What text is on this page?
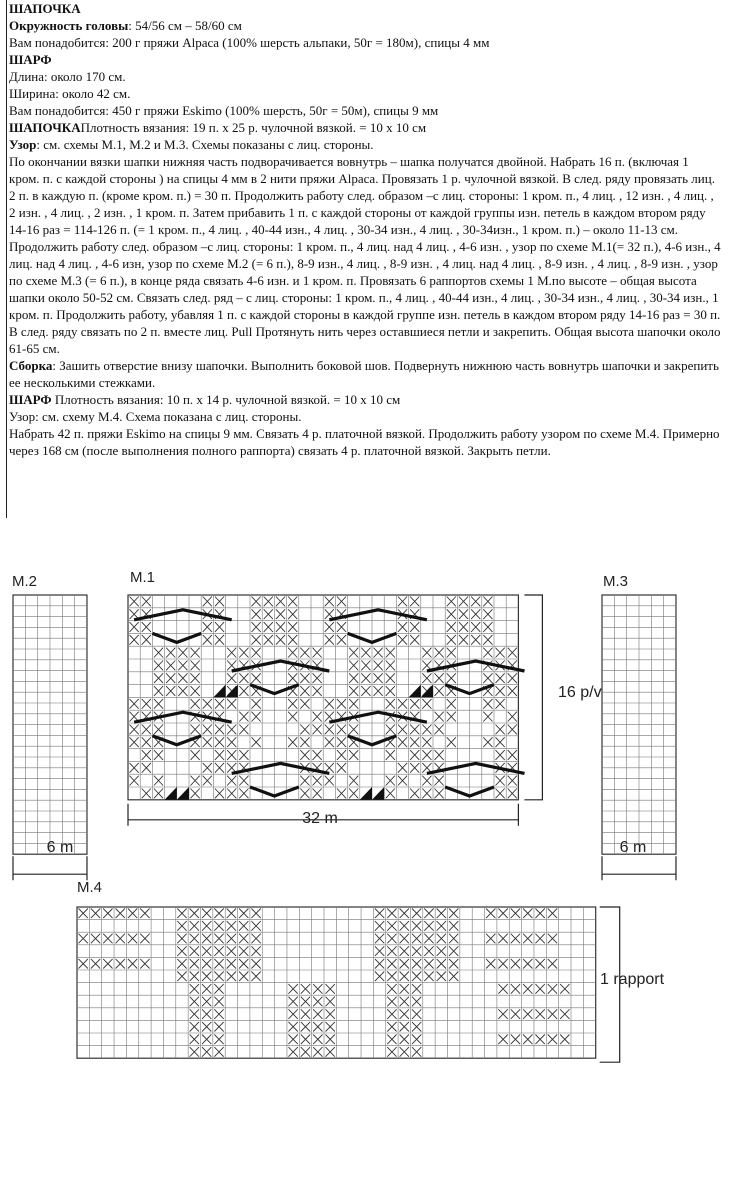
ШАПОЧКА

Окружность головы: 54/56 см – 58/60 см

Вам понадобится: 200 г пряжи Alpaca (100% шерсть альпаки, 50г = 180м), спицы 4 мм

ШАРФ

Длина: около 170 см.

Ширина: около 42 см.

Вам понадобится: 450 г пряжи Eskimo (100% шерсть, 50г = 50м), спицы 9 мм

ШАПОЧКАПлотность вязания: 19 п. х 25 р. чулочной вязкой. = 10 х 10 см

Узор: см. схемы М.1, М.2 и М.3. Схемы показаны с лиц. стороны.

По окончании вязки шапки нижняя часть подворачивается вовнутрь – шапка получатся двойной. Набрать 16 п. (включая 1 кром. п. с каждой стороны ) на спицы 4 мм в 2 нити пряжи Alpaca. Провязать 1 р. чулочной вязкой. В след. ряду провязать лиц. 2 п. в каждую п. (кроме кром. п.) = 30 п. Продолжить работу след. образом –с лиц. стороны: 1 кром. п., 4 лиц. , 12 изн. , 4 лиц. , 2 изн. , 4 лиц. , 2 изн. , 1 кром. п. Затем прибавить 1 п. с каждой стороны от каждой группы изн. петель в каждом втором ряду 14-16 раз = 114-126 п. (= 1 кром. п., 4 лиц. , 40-44 изн., 4 лиц. , 30-34 изн., 4 лиц. , 30-34изн., 1 кром. п.) – около 11-13 см. Продолжить работу след. образом –с лиц. стороны: 1 кром. п., 4 лиц. над 4 лиц. , 4-6 изн. , узор по схеме М.1(= 32 п.), 4-6 изн., 4 лиц. над 4 лиц. , 4-6 изн, узор по схеме М.2 (= 6 п.), 8-9 изн., 4 лиц. , 8-9 изн. , 4 лиц. над 4 лиц. , 8-9 изн. , 4 лиц. , 8-9 изн. , узор по схеме М.3 (= 6 п.), в конце ряда связать 4-6 изн. и 1 кром. п. Провязать 6 раппортов схемы 1 М.по высоте – общая высота шапки около 50-52 см. Связать след. ряд – с лиц. стороны: 1 кром. п., 4 лиц. , 40-44 изн., 4 лиц. , 30-34 изн., 4 лиц. , 30-34 изн., 1 кром. п. Продолжить работу, убавляя 1 п. с каждой стороны в каждой группе изн. петель в каждом втором ряду 14-16 раз = 30 п. В след. ряду связать по 2 п. вместе лиц. Pull Протянуть нить через оставшиеся петли и закрепить. Общая высота шапочки около 61-65 см.

Сборка: Зашить отверстие внизу шапочки. Выполнить боковой шов. Подвернуть нижнюю часть вовнутрь шапочки и закрепить ее несколькими стежками.

ШАРФ Плотность вязания: 10 п. х 14 р. чулочной вязкой. = 10 х 10 см

Узор: см. схему М.4. Схема показана с лиц. стороны.

Набрать 42 п. пряжи Eskimo на спицы 9 мм. Связать 4 р. платочной вязкой. Продолжить работу узором по схеме М.4. Примерно через 168 см (после выполнения полного раппорта) связать 4 р. платочной вязкой. Закрыть петли.

M.2	M.1	M.3
M.4
6 m
32 m
16 p/v
6 m
1 rapport
